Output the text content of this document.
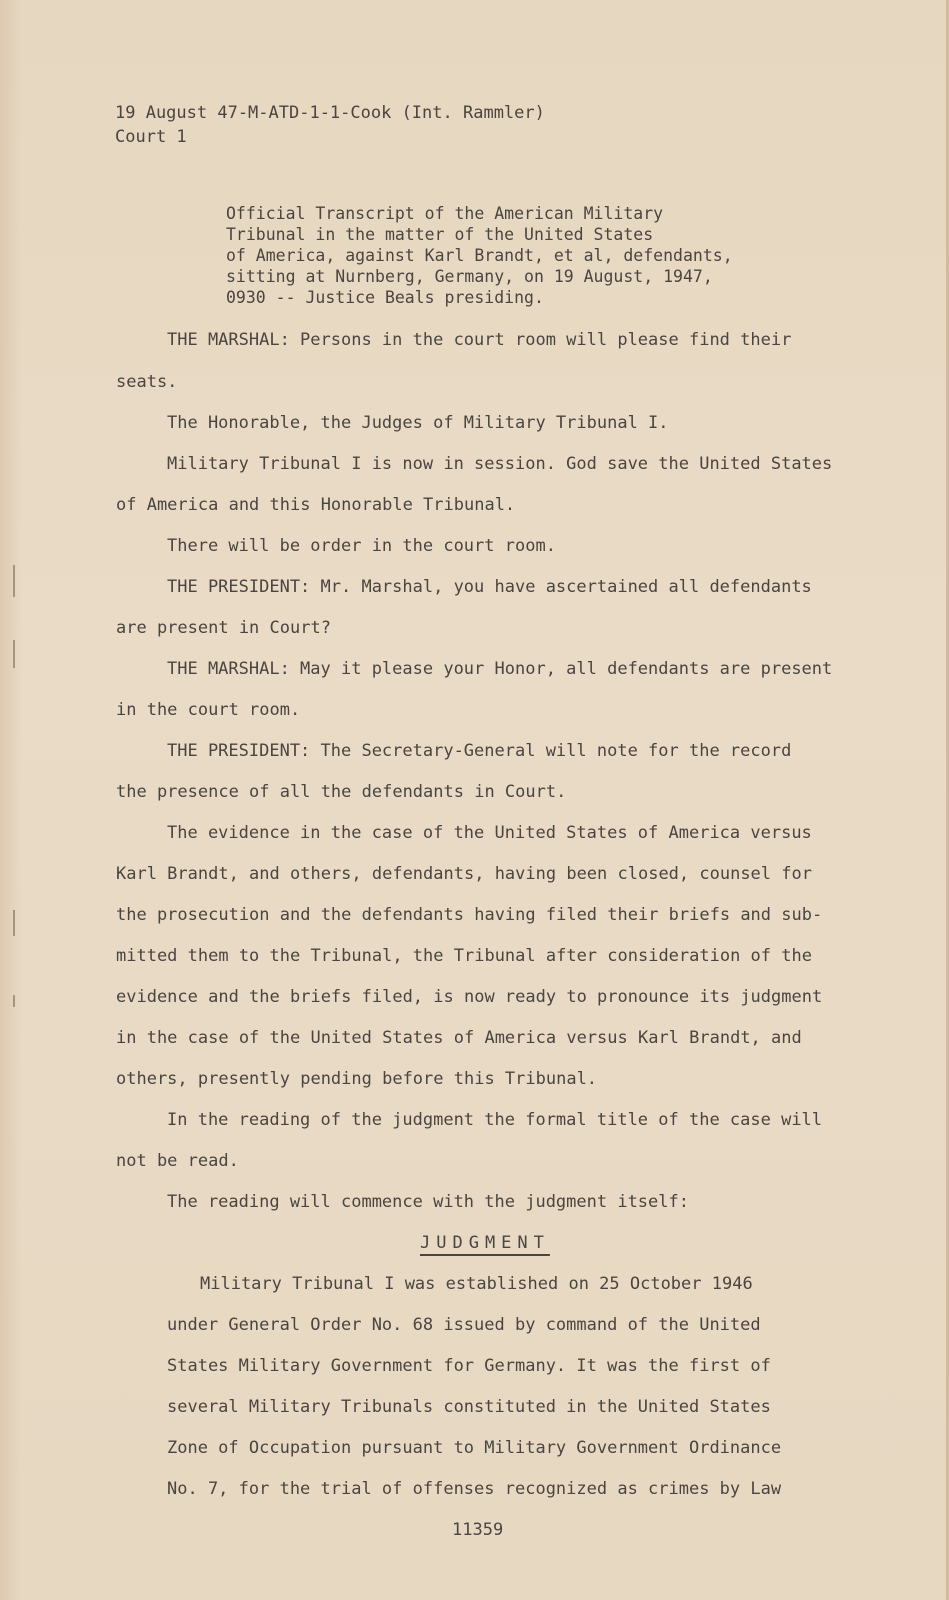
19 August 47-M-ATD-1-1-Cook (Int. Rammler)
Court 1
Official Transcript of the American Military
Tribunal in the matter of the United States
of America, against Karl Brandt, et al, defendants,
sitting at Nurnberg, Germany, on 19 August, 1947,
0930 -- Justice Beals presiding.
THE MARSHAL: Persons in the court room will please find their
seats.
The Honorable, the Judges of Military Tribunal I.
Military Tribunal I is now in session. God save the United States
of America and this Honorable Tribunal.
There will be order in the court room.
THE PRESIDENT: Mr. Marshal, you have ascertained all defendants
are present in Court?
THE MARSHAL: May it please your Honor, all defendants are present
in the court room.
THE PRESIDENT: The Secretary-General will note for the record
the presence of all the defendants in Court.
The evidence in the case of the United States of America versus
Karl Brandt, and others, defendants, having been closed, counsel for
the prosecution and the defendants having filed their briefs and sub-
mitted them to the Tribunal, the Tribunal after consideration of the
evidence and the briefs filed, is now ready to pronounce its judgment
in the case of the United States of America versus Karl Brandt, and
others, presently pending before this Tribunal.
In the reading of the judgment the formal title of the case will
not be read.
The reading will commence with the judgment itself:
JUDGMENT
Military Tribunal I was established on 25 October 1946
under General Order No. 68 issued by command of the United
States Military Government for Germany. It was the first of
several Military Tribunals constituted in the United States
Zone of Occupation pursuant to Military Government Ordinance
No. 7, for the trial of offenses recognized as crimes by Law
11359
